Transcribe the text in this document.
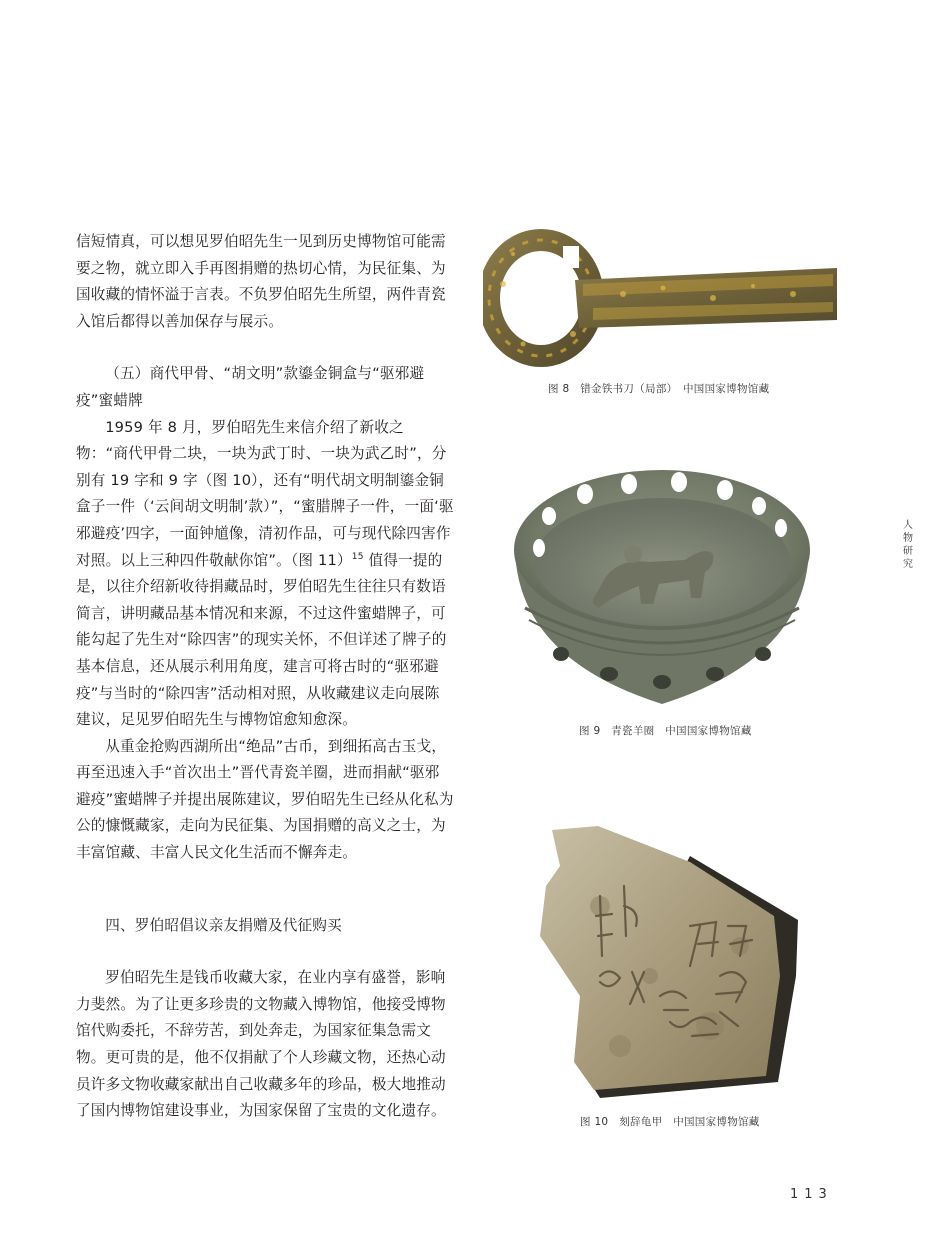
信短情真，可以想见罗伯昭先生一见到历史博物馆可能需要之物，就立即入手再图捐赠的热切心情，为民征集、为国收藏的情怀溢于言表。不负罗伯昭先生所望，两件青瓷入馆后都得以善加保存与展示。

（五）商代甲骨、“胡文明”款鎏金铜盒与“驱邪避疫”蜜蜡牌

1959 年 8 月，罗伯昭先生来信介绍了新收之物：“商代甲骨二块，一块为武丁时、一块为武乙时”，分别有 19 字和 9 字（图 10），还有“明代胡文明制鎏金铜盒子一件（‘云间胡文明制’款）”，“蜜腊牌子一件，一面‘驱邪避疫’四字，一面钟馗像，清初作品，可与现代除四害作对照。以上三种四件敬献你馆”。（图 11）$^{15}$ 值得一提的是，以往介绍新收待捐藏品时，罗伯昭先生往往只有数语简言，讲明藏品基本情况和来源，不过这件蜜蜡牌子，可能勾起了先生对“除四害”的现实关怀，不但详述了牌子的基本信息，还从展示利用角度，建言可将古时的“驱邪避疫”与当时的“除四害”活动相对照，从收藏建议走向展陈建议，足见罗伯昭先生与博物馆愈知愈深。

从重金抢购西湖所出“绝品”古币，到细拓高古玉戈，再至迅速入手“首次出土”晋代青瓷羊圈，进而捐献“驱邪避疫”蜜蜡牌子并提出展陈建议，罗伯昭先生已经从化私为公的慷慨藏家，走向为民征集、为国捐赠的高义之士，为丰富馆藏、丰富人民文化生活而不懈奔走。

四、罗伯昭倡议亲友捐赠及代征购买

罗伯昭先生是钱币收藏大家，在业内享有盛誉，影响力斐然。为了让更多珍贵的文物藏入博物馆，他接受博物馆代购委托，不辞劳苦，到处奔走，为国家征集急需文物。更可贵的是，他不仅捐献了个人珍藏文物，还热心动员许多文物收藏家献出自己收藏多年的珍品，极大地推动了国内博物馆建设事业，为国家保留了宝贵的文化遗存。

图 8　错金铁书刀（局部）　中国国家博物馆藏
图 9　青瓷羊圈　中国国家博物馆藏
图 10　刻辞龟甲　中国国家博物馆藏
人物研究
113
